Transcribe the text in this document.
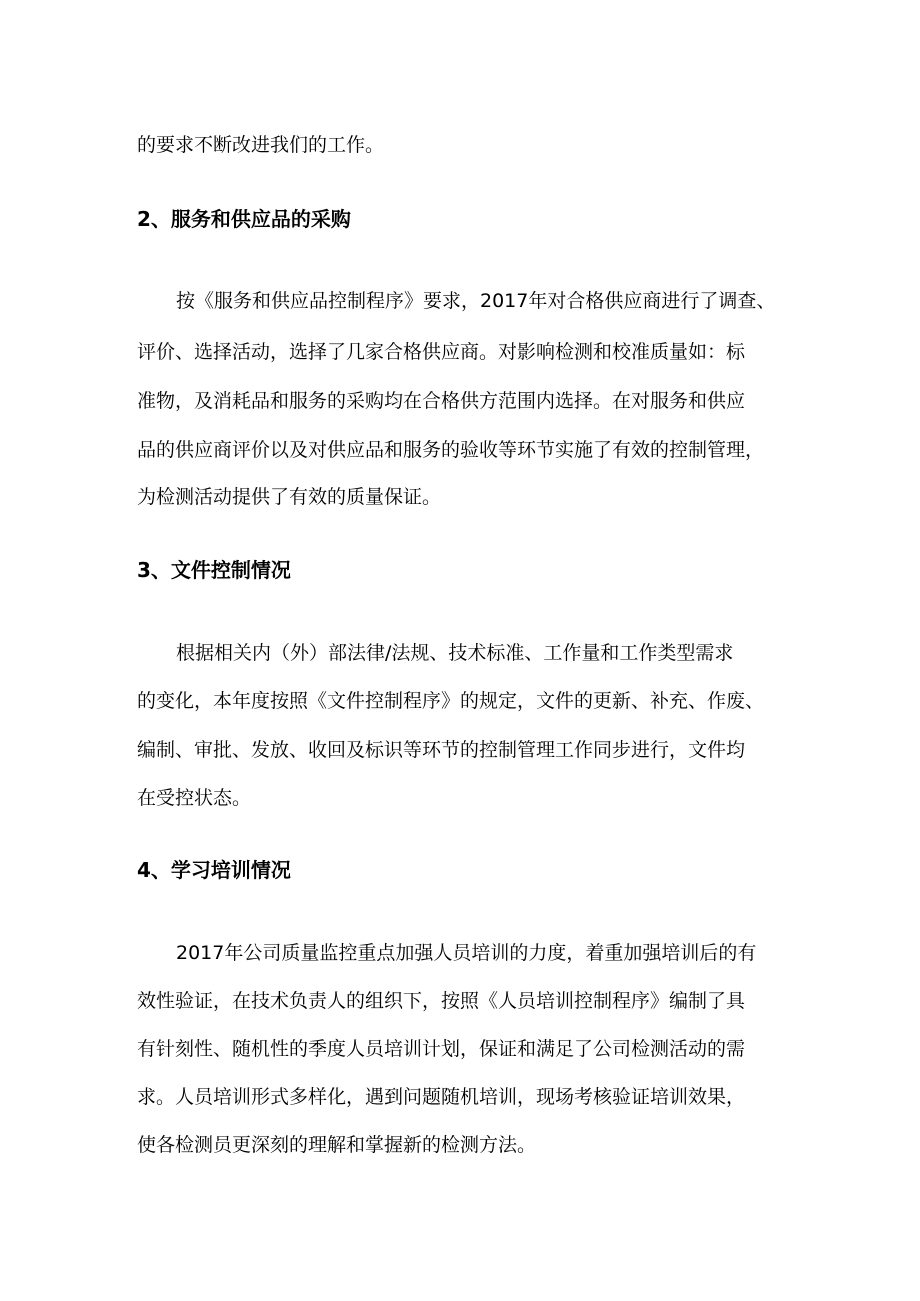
的要求不断改进我们的工作。
2、服务和供应品的采购
按《服务和供应品控制程序》要求，2017年对合格供应商进行了调查、
评价、选择活动，选择了几家合格供应商。对影响检测和校准质量如：标
准物，及消耗品和服务的采购均在合格供方范围内选择。在对服务和供应
品的供应商评价以及对供应品和服务的验收等环节实施了有效的控制管理，
为检测活动提供了有效的质量保证。
3、文件控制情况
根据相关内（外）部法律/法规、技术标准、工作量和工作类型需求
的变化，本年度按照《文件控制程序》的规定，文件的更新、补充、作废、
编制、审批、发放、收回及标识等环节的控制管理工作同步进行，文件均
在受控状态。
4、学习培训情况
2017年公司质量监控重点加强人员培训的力度，着重加强培训后的有
效性验证，在技术负责人的组织下，按照《人员培训控制程序》编制了具
有针刻性、随机性的季度人员培训计划，保证和满足了公司检测活动的需
求。人员培训形式多样化，遇到问题随机培训，现场考核验证培训效果，
使各检测员更深刻的理解和掌握新的检测方法。
